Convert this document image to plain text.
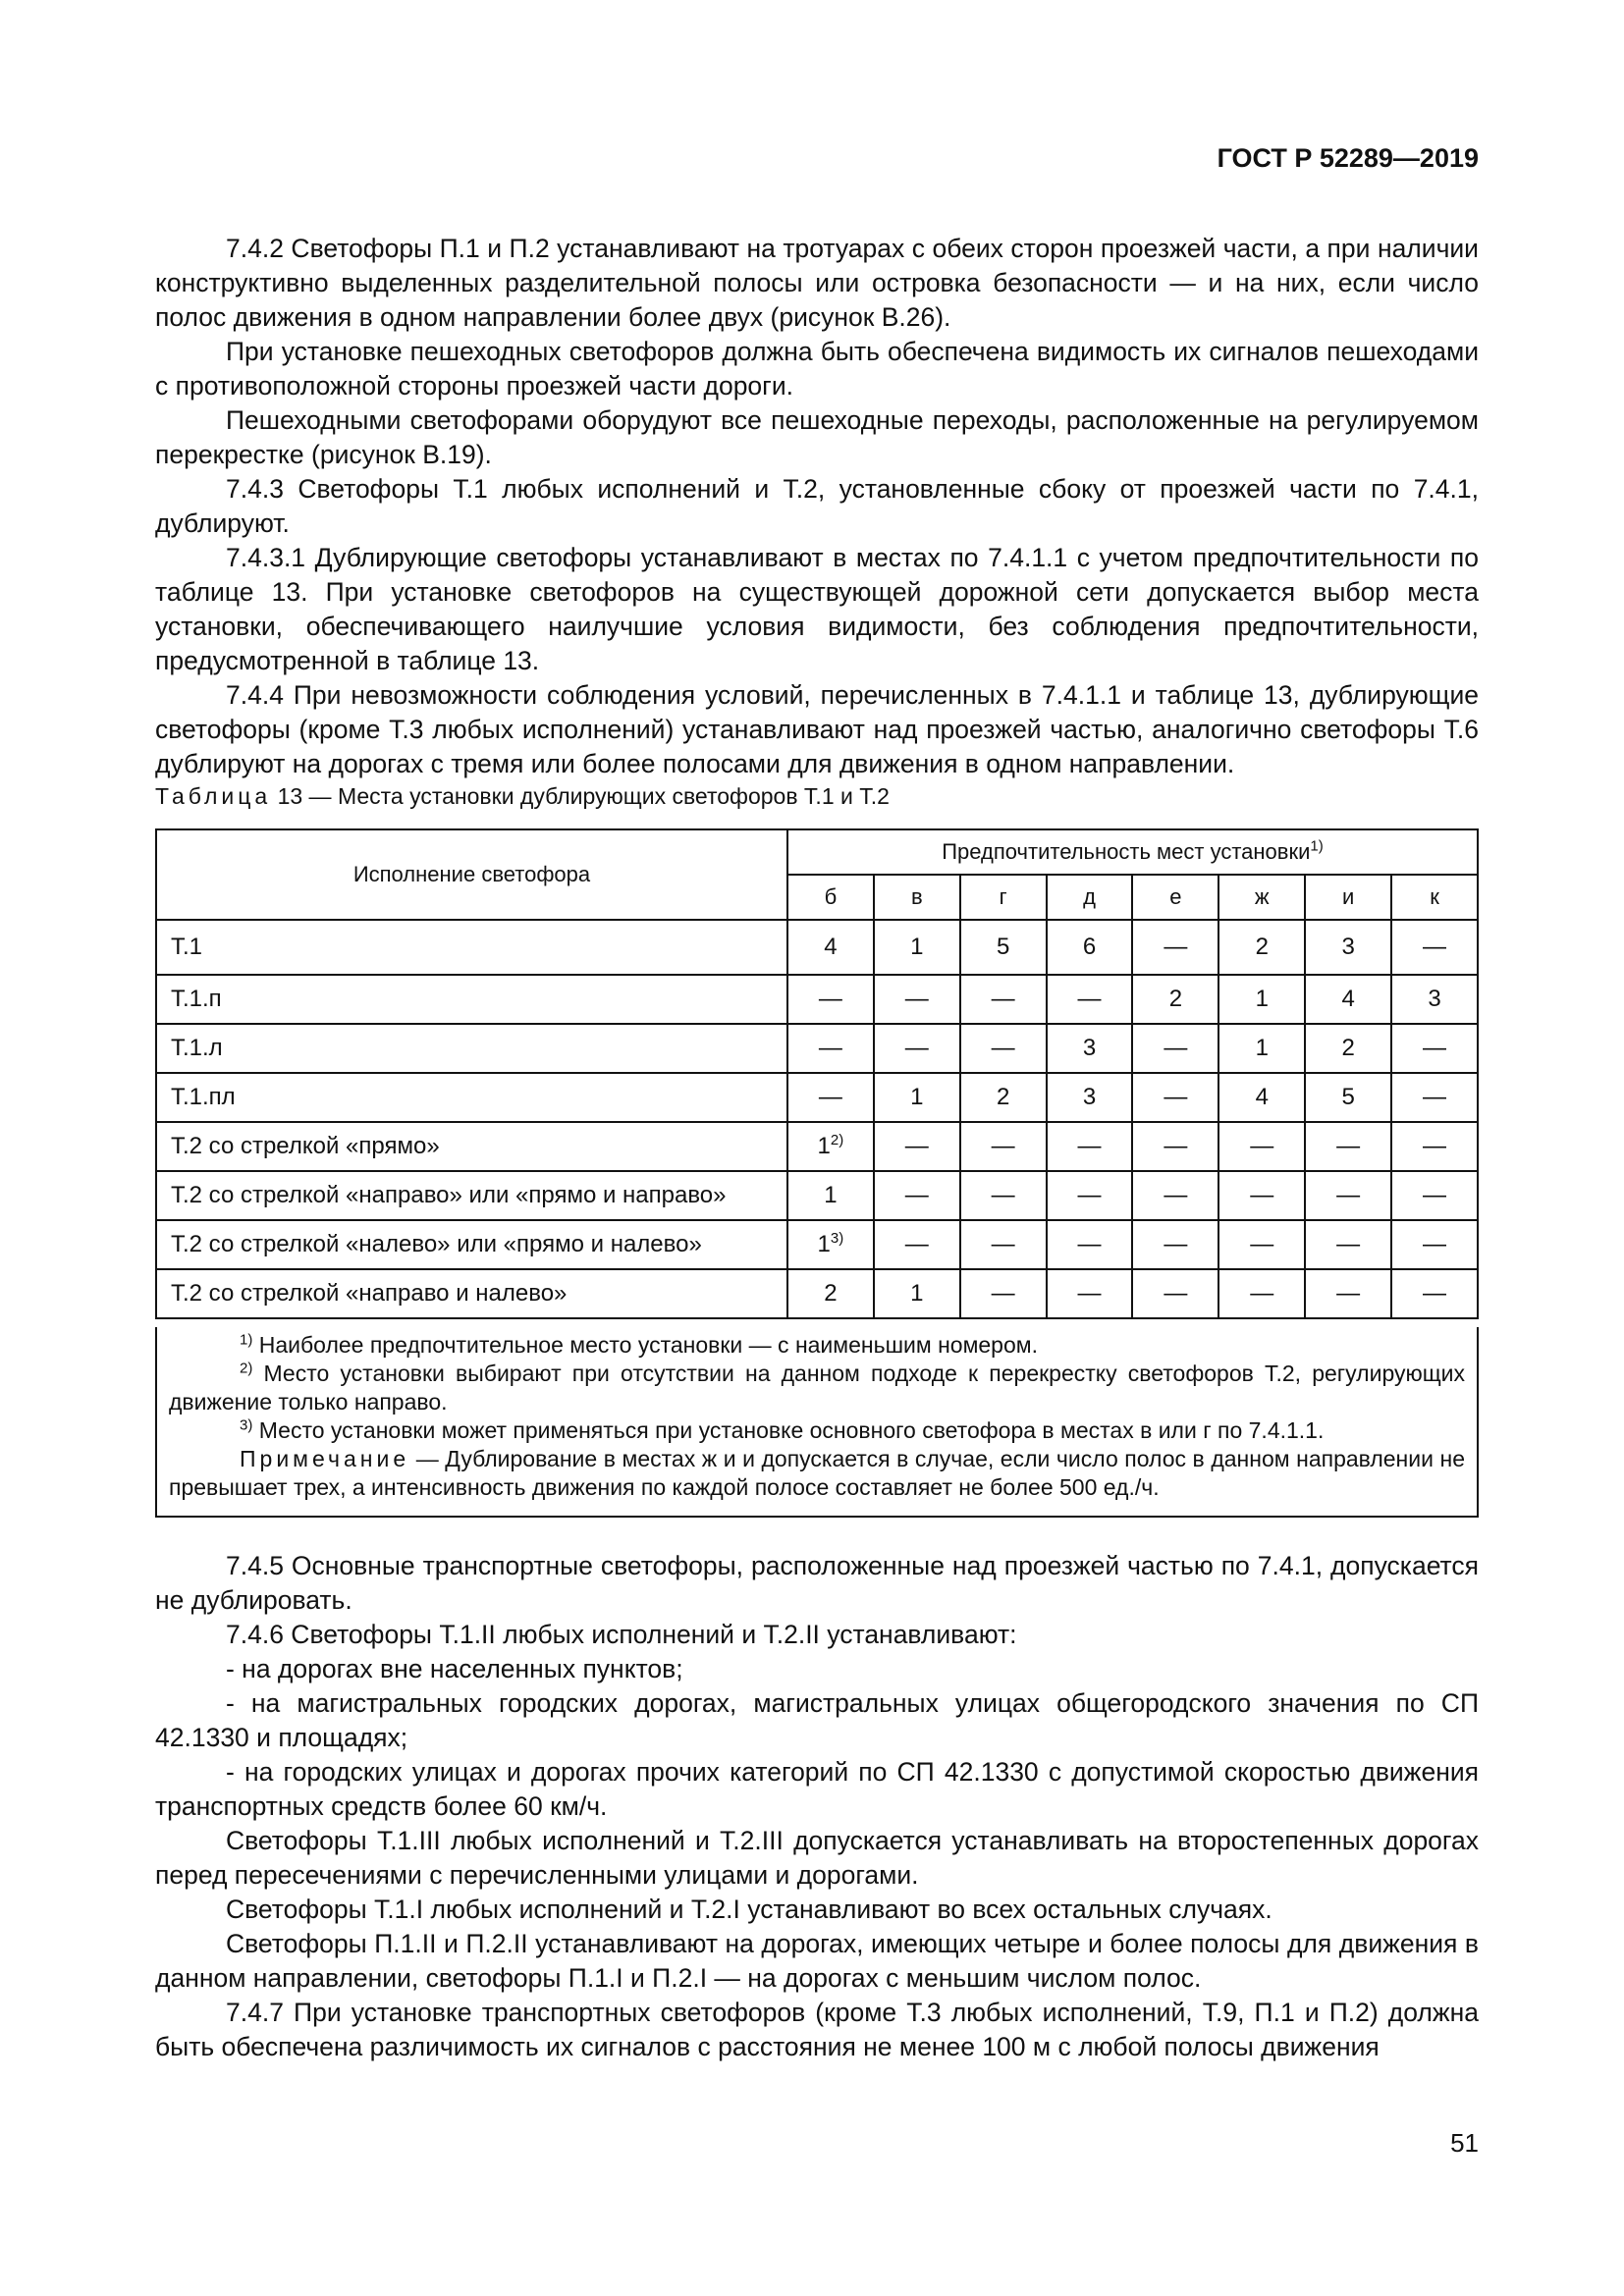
ГОСТ Р 52289—2019

7.4.2 Светофоры П.1 и П.2 устанавливают на тротуарах с обеих сторон проезжей части, а при наличии конструктивно выделенных разделительной полосы или островка безопасности — и на них, если число полос движения в одном направлении более двух (рисунок В.26).

При установке пешеходных светофоров должна быть обеспечена видимость их сигналов пешеходами с противоположной стороны проезжей части дороги.

Пешеходными светофорами оборудуют все пешеходные переходы, расположенные на регулируемом перекрестке (рисунок В.19).

7.4.3 Светофоры Т.1 любых исполнений и Т.2, установленные сбоку от проезжей части по 7.4.1, дублируют.

7.4.3.1 Дублирующие светофоры устанавливают в местах по 7.4.1.1 с учетом предпочтительности по таблице 13. При установке светофоров на существующей дорожной сети допускается выбор места установки, обеспечивающего наилучшие условия видимости, без соблюдения предпочтительности, предусмотренной в таблице 13.

7.4.4 При невозможности соблюдения условий, перечисленных в 7.4.1.1 и таблице 13, дублирующие светофоры (кроме Т.3 любых исполнений) устанавливают над проезжей частью, аналогично светофоры Т.6 дублируют на дорогах с тремя или более полосами для движения в одном направлении.

Таблица 13 — Места установки дублирующих светофоров Т.1 и Т.2
Исполнение светофора	Предпочтительность мест установки$^{1)}$
	б	в	г	д	е	ж	и	к
Т.1	4	1	5	6	—	2	3	—
Т.1.п	—	—	—	—	2	1	4	3
Т.1.л	—	—	—	3	—	1	2	—
Т.1.пл	—	1	2	3	—	4	5	—
Т.2 со стрелкой «прямо»	1$^{2)}$	—	—	—	—	—	—	—
Т.2 со стрелкой «направо» или «прямо и направо»	1	—	—	—	—	—	—	—
Т.2 со стрелкой «налево» или «прямо и налево»	1$^{3)}$	—	—	—	—	—	—	—
Т.2 со стрелкой «направо и налево»	2	1	—	—	—	—	—	—

$^{1)}$ Наиболее предпочтительное место установки — с наименьшим номером.

$^{2)}$ Место установки выбирают при отсутствии на данном подходе к перекрестку светофоров Т.2, регулирующих движение только направо.

$^{3)}$ Место установки может применяться при установке основного светофора в местах в или г по 7.4.1.1.

Примечание — Дублирование в местах ж и и допускается в случае, если число полос в данном направлении не превышает трех, а интенсивность движения по каждой полосе составляет не более 500 ед./ч.

7.4.5 Основные транспортные светофоры, расположенные над проезжей частью по 7.4.1, допускается не дублировать.

7.4.6 Светофоры Т.1.II любых исполнений и Т.2.II устанавливают:

- на дорогах вне населенных пунктов;

- на магистральных городских дорогах, магистральных улицах общегородского значения по СП 42.1330 и площадях;

- на городских улицах и дорогах прочих категорий по СП 42.1330 с допустимой скоростью движения транспортных средств более 60 км/ч.

Светофоры Т.1.III любых исполнений и Т.2.III допускается устанавливать на второстепенных дорогах перед пересечениями с перечисленными улицами и дорогами.

Светофоры Т.1.I любых исполнений и Т.2.I устанавливают во всех остальных случаях.

Светофоры П.1.II и П.2.II устанавливают на дорогах, имеющих четыре и более полосы для движения в данном направлении, светофоры П.1.I и П.2.I — на дорогах с меньшим числом полос.

7.4.7 При установке транспортных светофоров (кроме Т.3 любых исполнений, Т.9, П.1 и П.2) должна быть обеспечена различимость их сигналов с расстояния не менее 100 м с любой полосы движения

51
